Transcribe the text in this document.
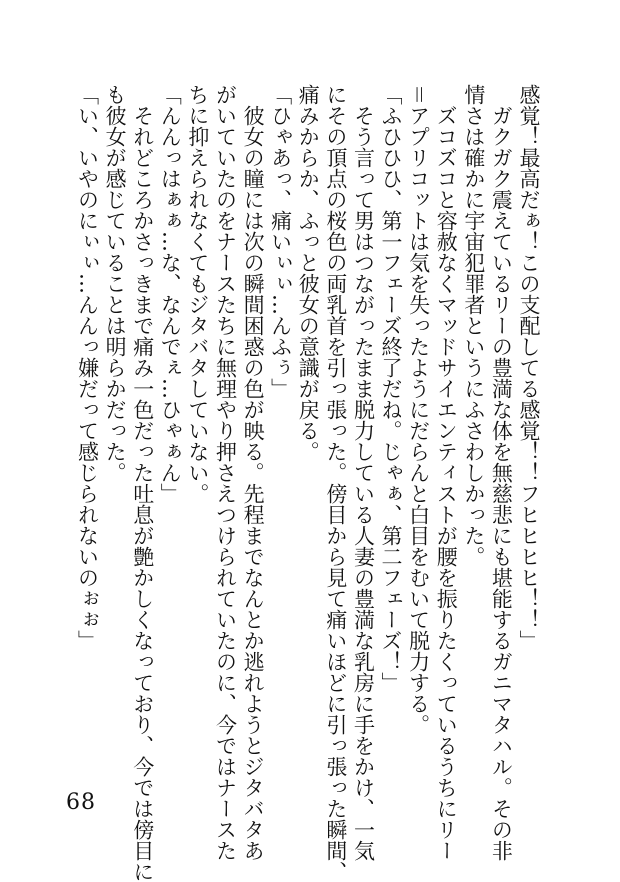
感覚！最高だぁ！この支配してる感覚！！フヒヒヒヒ！！」

　ガクガク震えているリーの豊満な体を無慈悲にも堪能するガニマタハル。その非

情さは確かに宇宙犯罪者というにふさわしかった。

　ズコズコと容赦なくマッドサイエンティストが腰を振りたくっているうちにリー

＝アプリコットは気を失ったようにだらんと白目をむいて脱力する。

「ふひひひ、第一フェーズ終了だね。じゃぁ、第二フェーズ！」

　そう言って男はつながったまま脱力している人妻の豊満な乳房に手をかけ、一気

にその頂点の桜色の両乳首を引っ張った。傍目から見て痛いほどに引っ張った瞬間、

痛みからか、ふっと彼女の意識が戻る。

「ひゃあっ、痛いぃぃ…んふぅ」

　彼女の瞳には次の瞬間困惑の色が映る。先程までなんとか逃れようとジタバタあ

がいていたのをナースたちに無理やり押さえつけられていたのに、今ではナースた

ちに抑えられなくてもジタバタしていない。

「んんっはぁぁ…な、なんでぇ…ひゃぁん」

　それどころかさっきまで痛み一色だった吐息が艶かしくなっており、今では傍目に

も彼女が感じていることは明らかだった。

「い、いやのにぃぃ…んんっ嫌だって感じられないのぉぉ」

68
